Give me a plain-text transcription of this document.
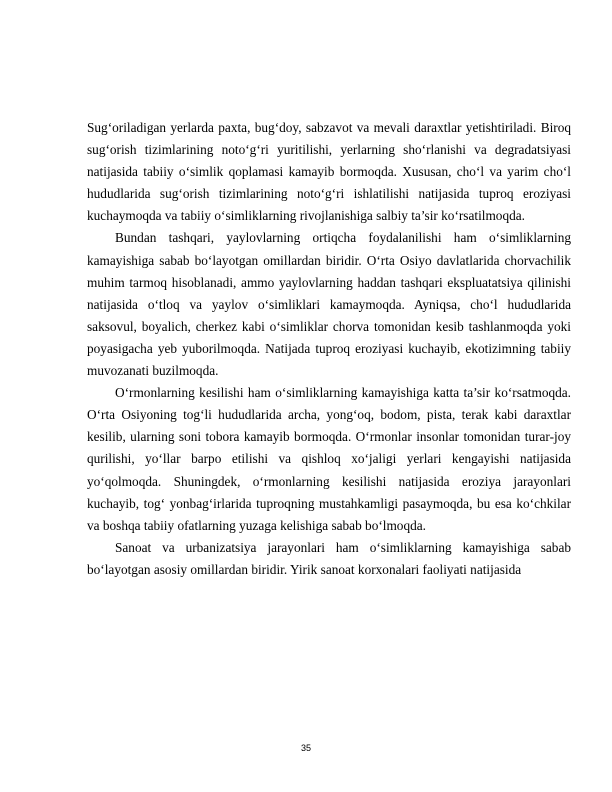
Sug‘oriladigan yerlarda paxta, bug‘doy, sabzavot va mevali daraxtlar yetishtiriladi. Biroq sug‘orish tizimlarining noto‘g‘ri yuritilishi, yerlarning sho‘rlanishi va degradatsiyasi natijasida tabiiy o‘simlik qoplamasi kamayib bormoqda. Xususan, cho‘l va yarim cho‘l hududlarida sug‘orish tizimlarining noto‘g‘ri ishlatilishi natijasida tuproq eroziyasi kuchaymoqda va tabiiy o‘simliklarning rivojlanishiga salbiy ta’sir ko‘rsatilmoqda.

Bundan tashqari, yaylovlarning ortiqcha foydalanilishi ham o‘simliklarning kamayishiga sabab bo‘layotgan omillardan biridir. O‘rta Osiyo davlatlarida chorvachilik muhim tarmoq hisoblanadi, ammo yaylovlarning haddan tashqari ekspluatatsiya qilinishi natijasida o‘tloq va yaylov o‘simliklari kamaymoqda. Ayniqsa, cho‘l hududlarida saksovul, boyalich, cherkez kabi o‘simliklar chorva tomonidan kesib tashlanmoqda yoki poyasigacha yeb yuborilmoqda. Natijada tuproq eroziyasi kuchayib, ekotizimning tabiiy muvozanati buzilmoqda.

O‘rmonlarning kesilishi ham o‘simliklarning kamayishiga katta ta’sir ko‘rsatmoqda. O‘rta Osiyoning tog‘li hududlarida archa, yong‘oq, bodom, pista, terak kabi daraxtlar kesilib, ularning soni tobora kamayib bormoqda. O‘rmonlar insonlar tomonidan turar-joy qurilishi, yo‘llar barpo etilishi va qishloq xo‘jaligi yerlari kengayishi natijasida yo‘qolmoqda. Shuningdek, o‘rmonlarning kesilishi natijasida eroziya jarayonlari kuchayib, tog‘ yonbag‘irlarida tuproqning mustahkamligi pasaymoqda, bu esa ko‘chkilar va boshqa tabiiy ofatlarning yuzaga kelishiga sabab bo‘lmoqda.

Sanoat va urbanizatsiya jarayonlari ham o‘simliklarning kamayishiga sabab bo‘layotgan asosiy omillardan biridir. Yirik sanoat korxonalari faoliyati natijasida

35
